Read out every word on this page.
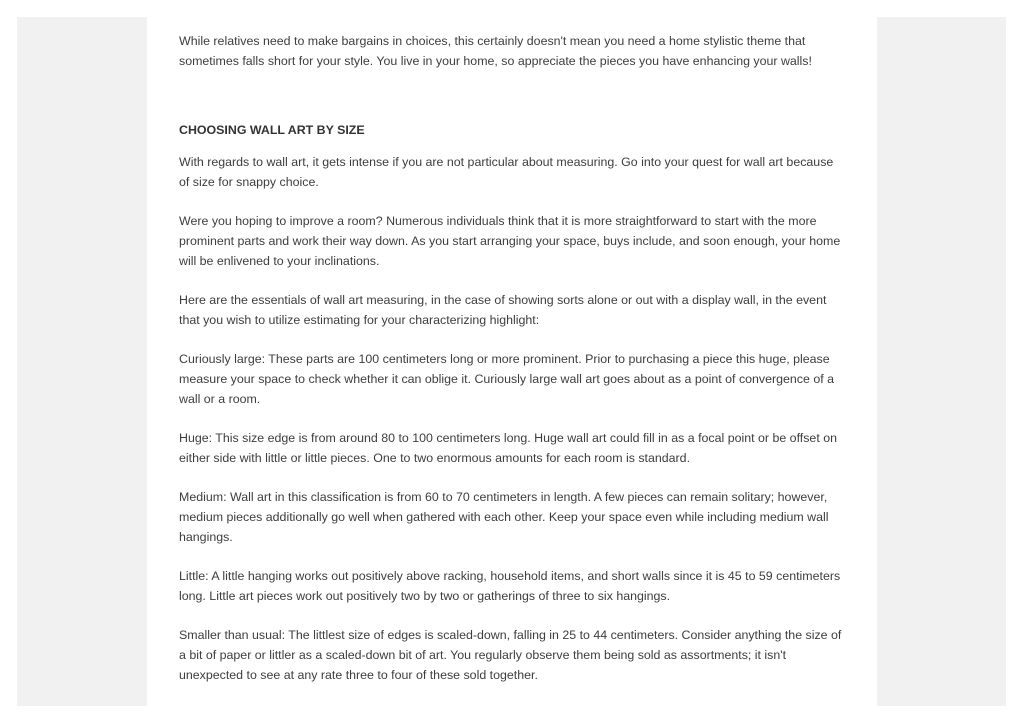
While relatives need to make bargains in choices, this certainly doesn't mean you need a home stylistic theme that sometimes falls short for your style. You live in your home, so appreciate the pieces you have enhancing your walls!

CHOOSING WALL ART BY SIZE

With regards to wall art, it gets intense if you are not particular about measuring. Go into your quest for wall art because of size for snappy choice.

Were you hoping to improve a room? Numerous individuals think that it is more straightforward to start with the more prominent parts and work their way down. As you start arranging your space, buys include, and soon enough, your home will be enlivened to your inclinations.

Here are the essentials of wall art measuring, in the case of showing sorts alone or out with a display wall, in the event that you wish to utilize estimating for your characterizing highlight:

Curiously large: These parts are 100 centimeters long or more prominent. Prior to purchasing a piece this huge, please measure your space to check whether it can oblige it. Curiously large wall art goes about as a point of convergence of a wall or a room.

Huge: This size edge is from around 80 to 100 centimeters long. Huge wall art could fill in as a focal point or be offset on either side with little or little pieces. One to two enormous amounts for each room is standard.

Medium: Wall art in this classification is from 60 to 70 centimeters in length. A few pieces can remain solitary; however, medium pieces additionally go well when gathered with each other. Keep your space even while including medium wall hangings.

Little: A little hanging works out positively above racking, household items, and short walls since it is 45 to 59 centimeters long. Little art pieces work out positively two by two or gatherings of three to six hangings.

Smaller than usual: The littlest size of edges is scaled-down, falling in 25 to 44 centimeters. Consider anything the size of a bit of paper or littler as a scaled-down bit of art. You regularly observe them being sold as assortments; it isn't unexpected to see at any rate three to four of these sold together.
